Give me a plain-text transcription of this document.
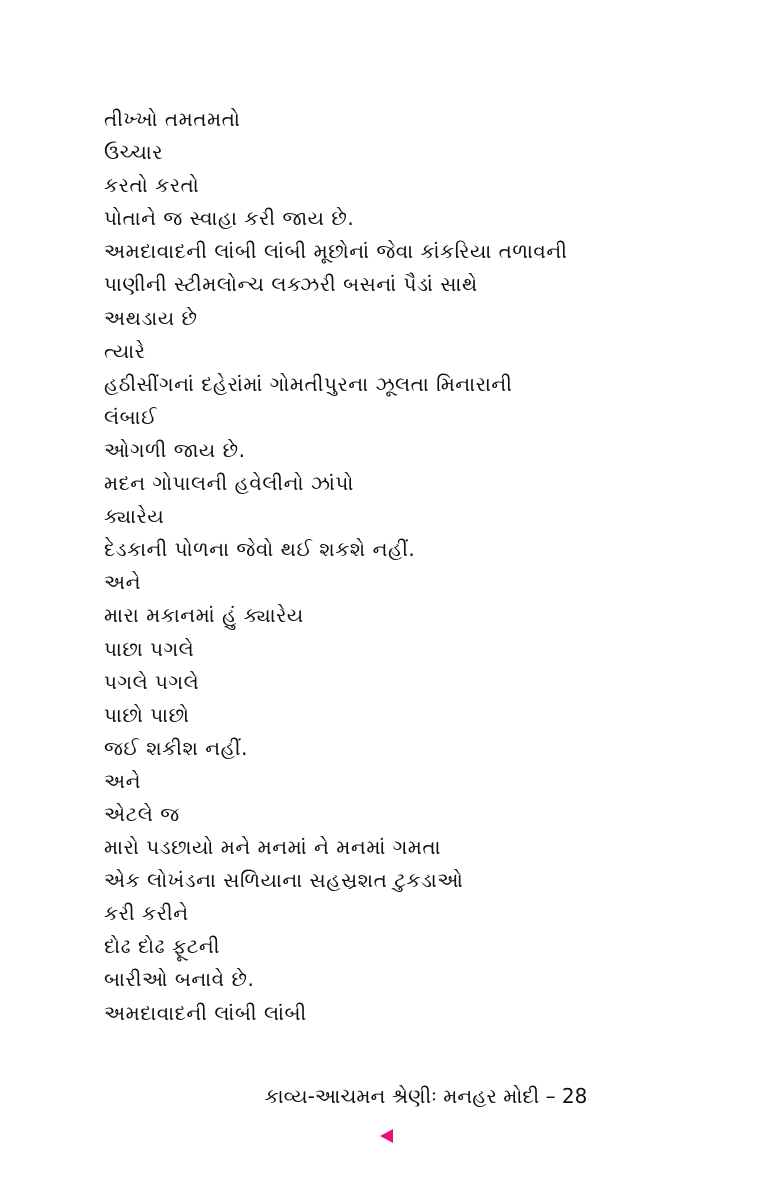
તીખ્ખો તમતમતો
ઉચ્ચાર
કરતો કરતો
પોતાને જ સ્વાહા કરી જાય છે.
અમદાવાદની લાંબી લાંબી મૂછોનાં જેવા કાંકરિયા તળાવની
પાણીની સ્ટીમલોન્ચ લક્ઝરી બસનાં પૈડાં સાથે
અથડાય છે
ત્યારે
હઠીસીંગનાં દહેરાંમાં ગોમતીપુરના ઝૂલતા મિનારાની
લંબાઈ
ઓગળી જાય છે.
મદન ગોપાલની હવેલીનો ઝાંપો
ક્યારેય
દેડકાની પોળના જેવો થઈ શકશે નહીં.
અને
મારા મકાનમાં હું ક્યારેય
પાછા પગલે
પગલે પગલે
પાછો પાછો
જઈ શકીશ નહીં.
અને
એટલે જ
મારો પડછાયો મને મનમાં ને મનમાં ગમતા
એક લોખંડના સળિયાના સહસ્રશત ટુકડાઓ
કરી કરીને
દોઢ દોઢ ફૂટની
બારીઓ બનાવે છે.
અમદાવાદની લાંબી લાંબી
કાવ્ય-આચમન શ્રેણીઃ મનહર મોદી – 28
